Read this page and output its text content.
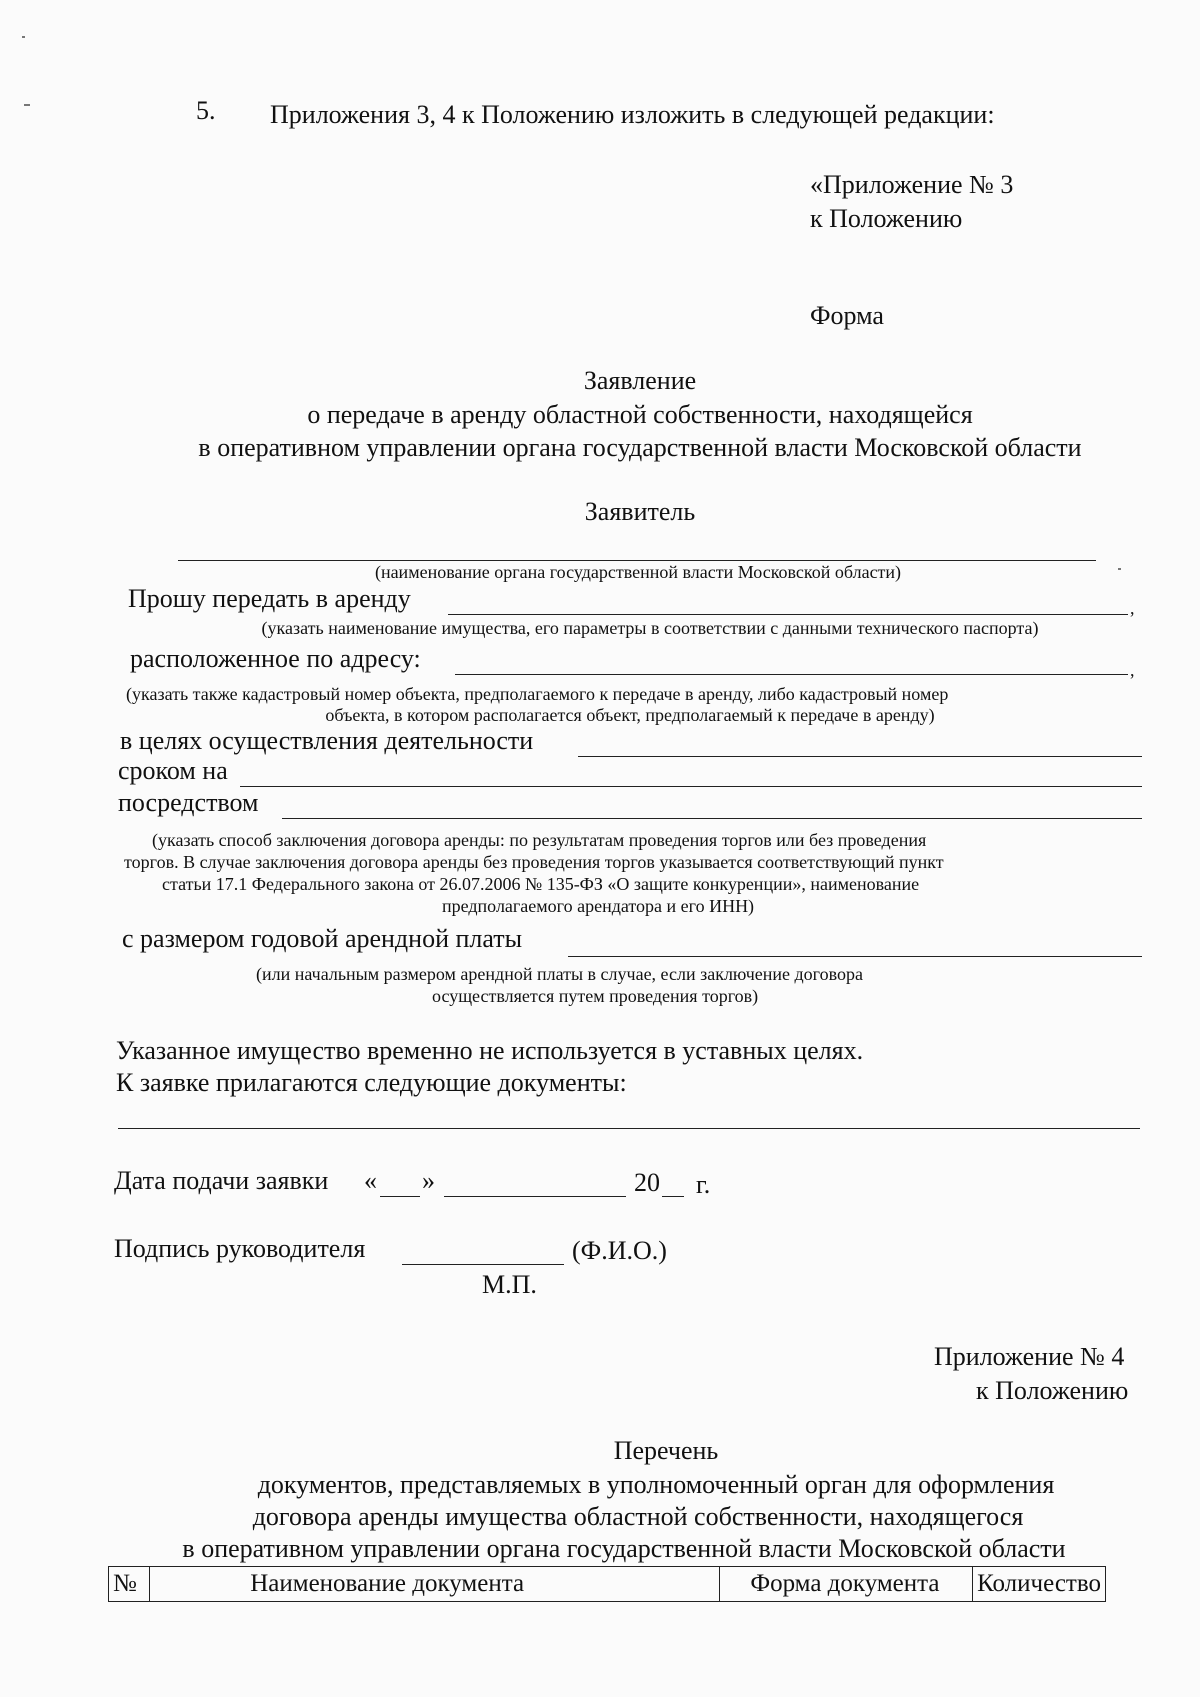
5. Приложения 3, 4 к Положению изложить в следующей редакции:
«Приложение № 3
к Положению
Форма
Заявление
о передаче в аренду областной собственности, находящейся
в оперативном управлении органа государственной власти Московской области
Заявитель
(наименование органа государственной власти Московской области)
Прошу передать в аренду	,
(указать наименование имущества, его параметры в соответствии с данными технического паспорта)
расположенное по адресу:	,
(указать также кадастровый номер объекта, предполагаемого к передаче в аренду, либо кадастровый номер
объекта, в котором располагается объект, предполагаемый к передаче в аренду)
в целях осуществления деятельности
сроком на
посредством
(указать способ заключения договора аренды: по результатам проведения торгов или без проведения
торгов. В случае заключения договора аренды без проведения торгов указывается соответствующий пункт
статьи 17.1 Федерального закона от 26.07.2006 № 135-ФЗ «О защите конкуренции», наименование
предполагаемого арендатора и его ИНН)
с размером годовой арендной платы
(или начальным размером арендной платы в случае, если заключение договора
осуществляется путем проведения торгов)
Указанное имущество временно не используется в уставных целях.
К заявке прилагаются следующие документы:
Дата подачи заявки « »	20 г.
Подпись руководителя	(Ф.И.О.)
М.П.
Приложение № 4
к Положению
Перечень
документов, представляемых в уполномоченный орган для оформления
договора аренды имущества областной собственности, находящегося
в оперативном управлении органа государственной власти Московской области
№	Наименование документа	Форма документа	Количество
